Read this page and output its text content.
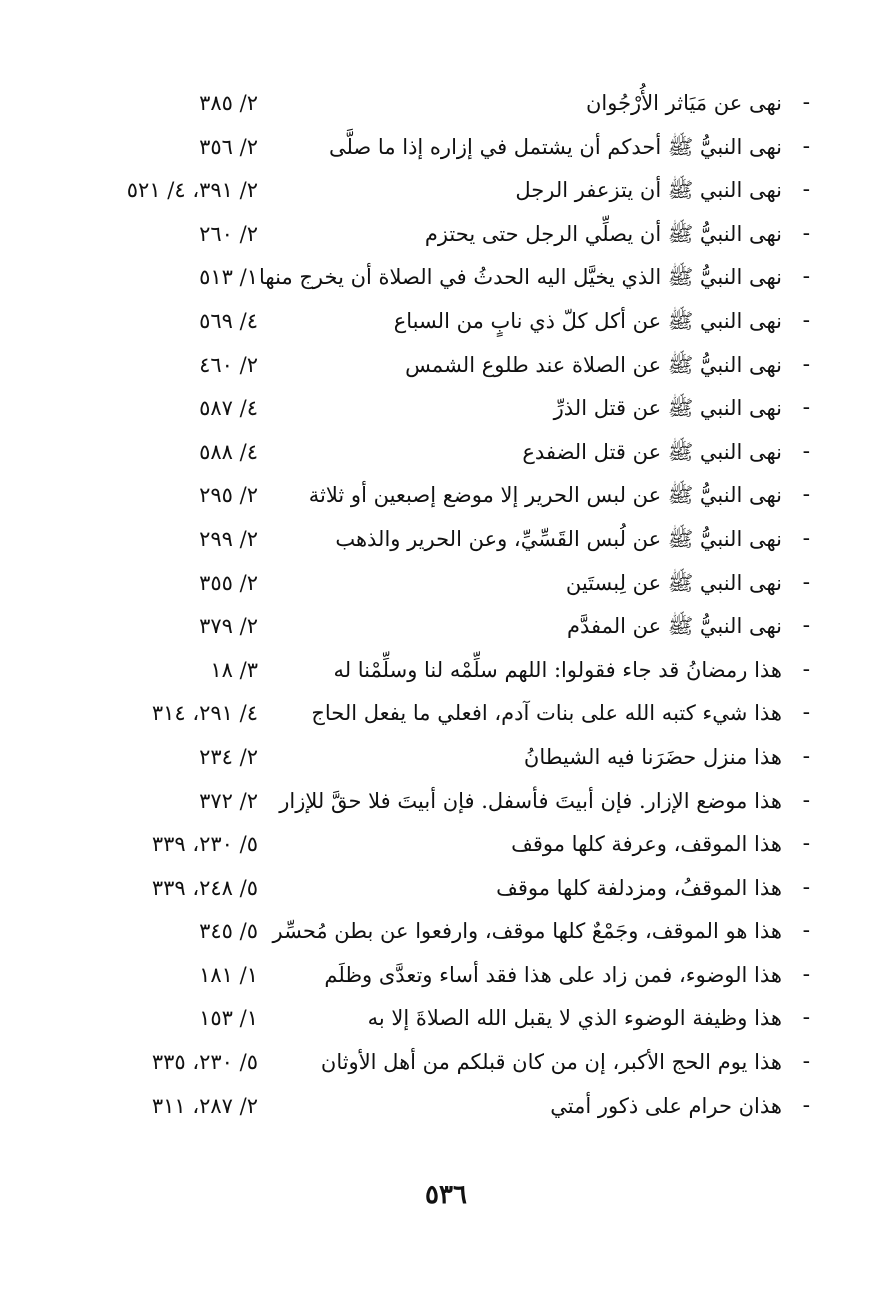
-
نهى عن مَيَاثر الأُرْجُوان
٢/ ٣٨٥
-
نهى النبيُّ ﷺ أحدكم أن يشتمل في إزاره إذا ما صلَّى
٢/ ٣٥٦
-
نهى النبي ﷺ أن يتزعفر الرجل
٢/ ٣٩١، ٤/ ٥٢١
-
نهى النبيُّ ﷺ أن يصلِّي الرجل حتى يحتزم
٢/ ٢٦٠
-
نهى النبيُّ ﷺ الذي يخيَّل اليه الحدثُ في الصلاة أن يخرج منها
١/ ٥١٣
-
نهى النبي ﷺ عن أكل كلّ ذي نابٍ من السباع
٤/ ٥٦٩
-
نهى النبيُّ ﷺ عن الصلاة عند طلوع الشمس
٢/ ٤٦٠
-
نهى النبي ﷺ عن قتل الذرِّ
٤/ ٥٨٧
-
نهى النبي ﷺ عن قتل الضفدع
٤/ ٥٨٨
-
نهى النبيُّ ﷺ عن لبس الحرير إلا موضع إصبعين أو ثلاثة
٢/ ٢٩٥
-
نهى النبيُّ ﷺ عن لُبس القَسِّيِّ، وعن الحرير والذهب
٢/ ٢٩٩
-
نهى النبي ﷺ عن لِبستَين
٢/ ٣٥٥
-
نهى النبيُّ ﷺ عن المفدَّم
٢/ ٣٧٩
-
هذا رمضانُ قد جاء فقولوا: اللهم سلِّمْه لنا وسلِّمْنا له
٣/ ١٨
-
هذا شيء كتبه الله على بنات آدم، افعلي ما يفعل الحاج
٤/ ٢٩١، ٣١٤
-
هذا منزل حضَرَنا فيه الشيطانُ
٢/ ٢٣٤
-
هذا موضع الإزار. فإن أبيتَ فأسفل. فإن أبيتَ فلا حقَّ للإزار
٢/ ٣٧٢
-
هذا الموقف، وعرفة كلها موقف
٥/ ٢٣٠، ٣٣٩
-
هذا الموقفُ، ومزدلفة كلها موقف
٥/ ٢٤٨، ٣٣٩
-
هذا هو الموقف، وجَمْعٌ كلها موقف، وارفعوا عن بطن مُحسِّر
٥/ ٣٤٥
-
هذا الوضوء، فمن زاد على هذا فقد أساء وتعدَّى وظلَم
١/ ١٨١
-
هذا وظيفة الوضوء الذي لا يقبل الله الصلاةَ إلا به
١/ ١٥٣
-
هذا يوم الحج الأكبر، إن من كان قبلكم من أهل الأوثان
٥/ ٢٣٠، ٣٣٥
-
هذان حرام على ذكور أمتي
٢/ ٢٨٧، ٣١١
٥٣٦
